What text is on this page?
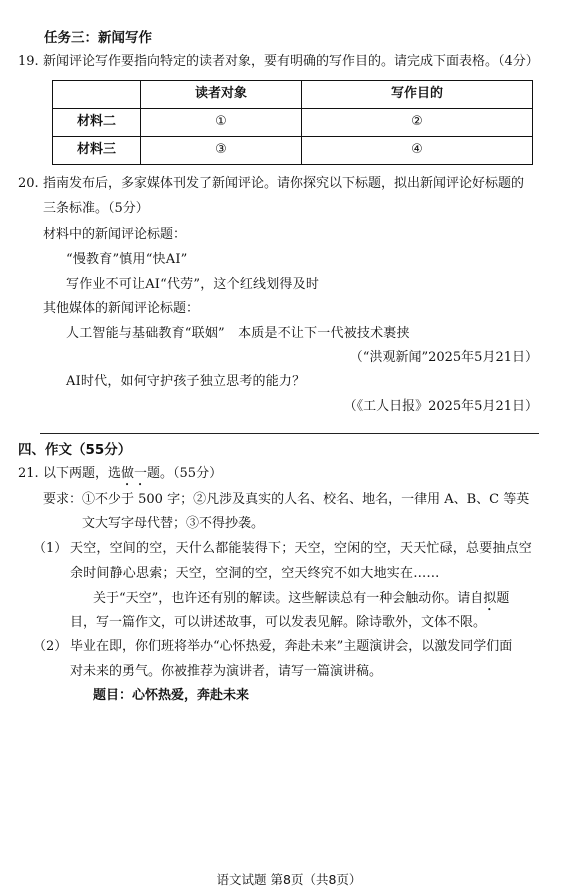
任务三：新闻写作
19. 新闻评论写作要指向特定的读者对象，要有明确的写作目的。请完成下面表格。（4分）
	读者对象	写作目的
材料二	①	②
材料三	③	④
20. 指南发布后，多家媒体刊发了新闻评论。请你探究以下标题，拟出新闻评论好标题的
三条标准。（5分）
材料中的新闻评论标题：
“慢教育”慎用“快AI”
写作业不可让AI“代劳”，这个红线划得及时
其他媒体的新闻评论标题：
人工智能与基础教育“联姻”　本质是不让下一代被技术裹挟
（“洪观新闻”2025年5月21日）
AI时代，如何守护孩子独立思考的能力？
（《工人日报》2025年5月21日）
四、作文（55分）
21. 以下两题，选做一题。（55分）
要求：①不少于 500 字；②凡涉及真实的人名、校名、地名，一律用 A、B、C 等英
文大写字母代替；③不得抄袭。
（1） 天空，空间的空，天什么都能装得下；天空，空闲的空，天天忙碌，总要抽点空
余时间静心思索；天空，空洞的空，空天终究不如大地实在……
关于“天空”，也许还有别的解读。这些解读总有一种会触动你。请自拟题
目，写一篇作文，可以讲述故事，可以发表见解。除诗歌外，文体不限。
（2） 毕业在即，你们班将举办“心怀热爱，奔赴未来”主题演讲会，以激发同学们面
对未来的勇气。你被推荐为演讲者，请写一篇演讲稿。
题目：心怀热爱，奔赴未来
语文试题 第8页（共8页）
